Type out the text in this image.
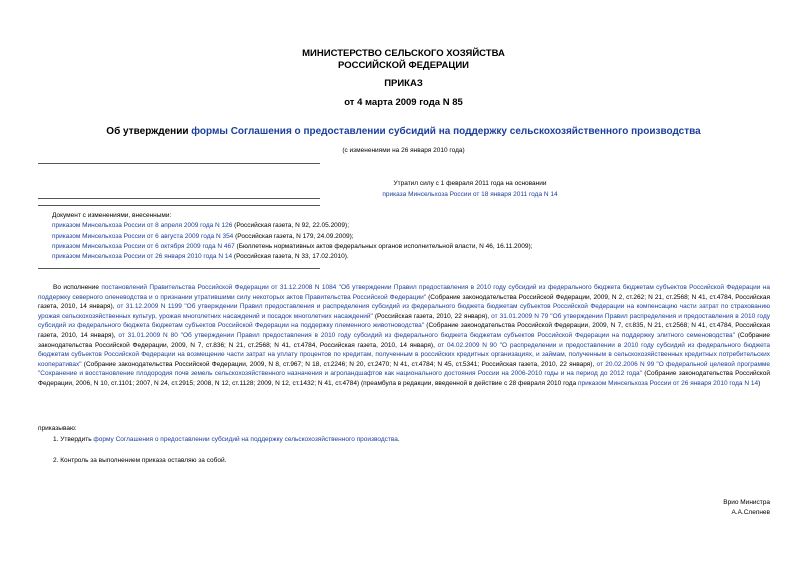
МИНИСТЕРСТВО СЕЛЬСКОГО ХОЗЯЙСТВА
РОССИЙСКОЙ ФЕДЕРАЦИИ
ПРИКАЗ
от 4 марта 2009 года N 85
Об утверждении формы Соглашения о предоставлении субсидий на поддержку сельскохозяйственного производства
(с изменениями на 26 января 2010 года)
Утратил силу с 1 февраля 2011 года на основании
приказа Минсельхоза России от 18 января 2011 года N 14
Документ с изменениями, внесенными:
приказом Минсельхоза России от 8 апреля 2009 года N 126 (Российская газета, N 92, 22.05.2009);
приказом Минсельхоза России от 6 августа 2009 года N 354 (Российская газета, N 179, 24.09.2009);
приказом Минсельхоза России от 6 октября 2009 года N 467 (Бюллетень нормативных актов федеральных органов исполнительной власти, N 46, 16.11.2009);
приказом Минсельхоза России от 26 января 2010 года N 14 (Российская газета, N 33, 17.02.2010).
Во исполнение постановлений Правительства Российской Федерации от 31.12.2008 N 1084 "Об утверждении Правил предоставления в 2010 году субсидий из федерального бюджета бюджетам субъектов Российской Федерации на поддержку северного оленеводства и о признании утратившими силу некоторых актов Правительства Российской Федерации" (Собрание законодательства Российской Федерации, 2009, N 2, ст.262; N 21, ст.2568; N 41, ст.4784, Российская газета, 2010, 14 января), от 31.12.2009 N 1199 "Об утверждении Правил предоставления и распределения субсидий из федерального бюджета бюджетам субъектов Российской Федерации на компенсацию части затрат по страхованию урожая сельскохозяйственных культур, урожая многолетних насаждений и посадок многолетних насаждений" (Российская газета, 2010, 22 января), от 31.01.2009 N 79 "Об утверждении Правил распределения и предоставления в 2010 году субсидий из федерального бюджета бюджетам субъектов Российской Федерации на поддержку племенного животноводства" (Собрание законодательства Российской Федерации, 2009, N 7, ст.835, N 21, ст.2568; N 41, ст.4784, Российская газета, 2010, 14 января), от 31.01.2009 N 80 "Об утверждении Правил предоставления в 2010 году субсидий из федерального бюджета бюджетам субъектов Российской Федерации на поддержку элитного семеноводства" (Собрание законодательства Российской Федерации, 2009, N 7, ст.836; N 21, ст.2568; N 41, ст.4784, Российская газета, 2010, 14 января), от 04.02.2009 N 90 "О распределении и предоставлении в 2010 году субсидий из федерального бюджета бюджетам субъектов Российской Федерации на возмещение части затрат на уплату процентов по кредитам, полученным в российских кредитных организациях, и займам, полученным в сельскохозяйственных кредитных потребительских кооперативах" (Собрание законодательства Российской Федерации, 2009, N 8, ст.967; N 18, ст.2246; N 20, ст.2470; N 41, ст.4784; N 45, ст.5341; Российская газета, 2010, 22 января), от 20.02.2006 N 99 "О федеральной целевой программе "Сохранение и восстановление плодородия почв земель сельскохозяйственного назначения и агроландшафтов как национального достояния России на 2006-2010 годы и на период до 2012 года" (Собрание законодательства Российской Федерации, 2006, N 10, ст.1101; 2007, N 24, ст.2915; 2008, N 12, ст.1128; 2009, N 12, ст.1432; N 41, ст.4784) (преамбула в редакции, введенной в действие с 28 февраля 2010 года приказом Минсельхоза России от 26 января 2010 года N 14)
приказываю:
1. Утвердить форму Соглашения о предоставлении субсидий на поддержку сельскохозяйственного производства.
2. Контроль за выполнением приказа оставляю за собой.
Врио Министра
А.А.Слепнев
